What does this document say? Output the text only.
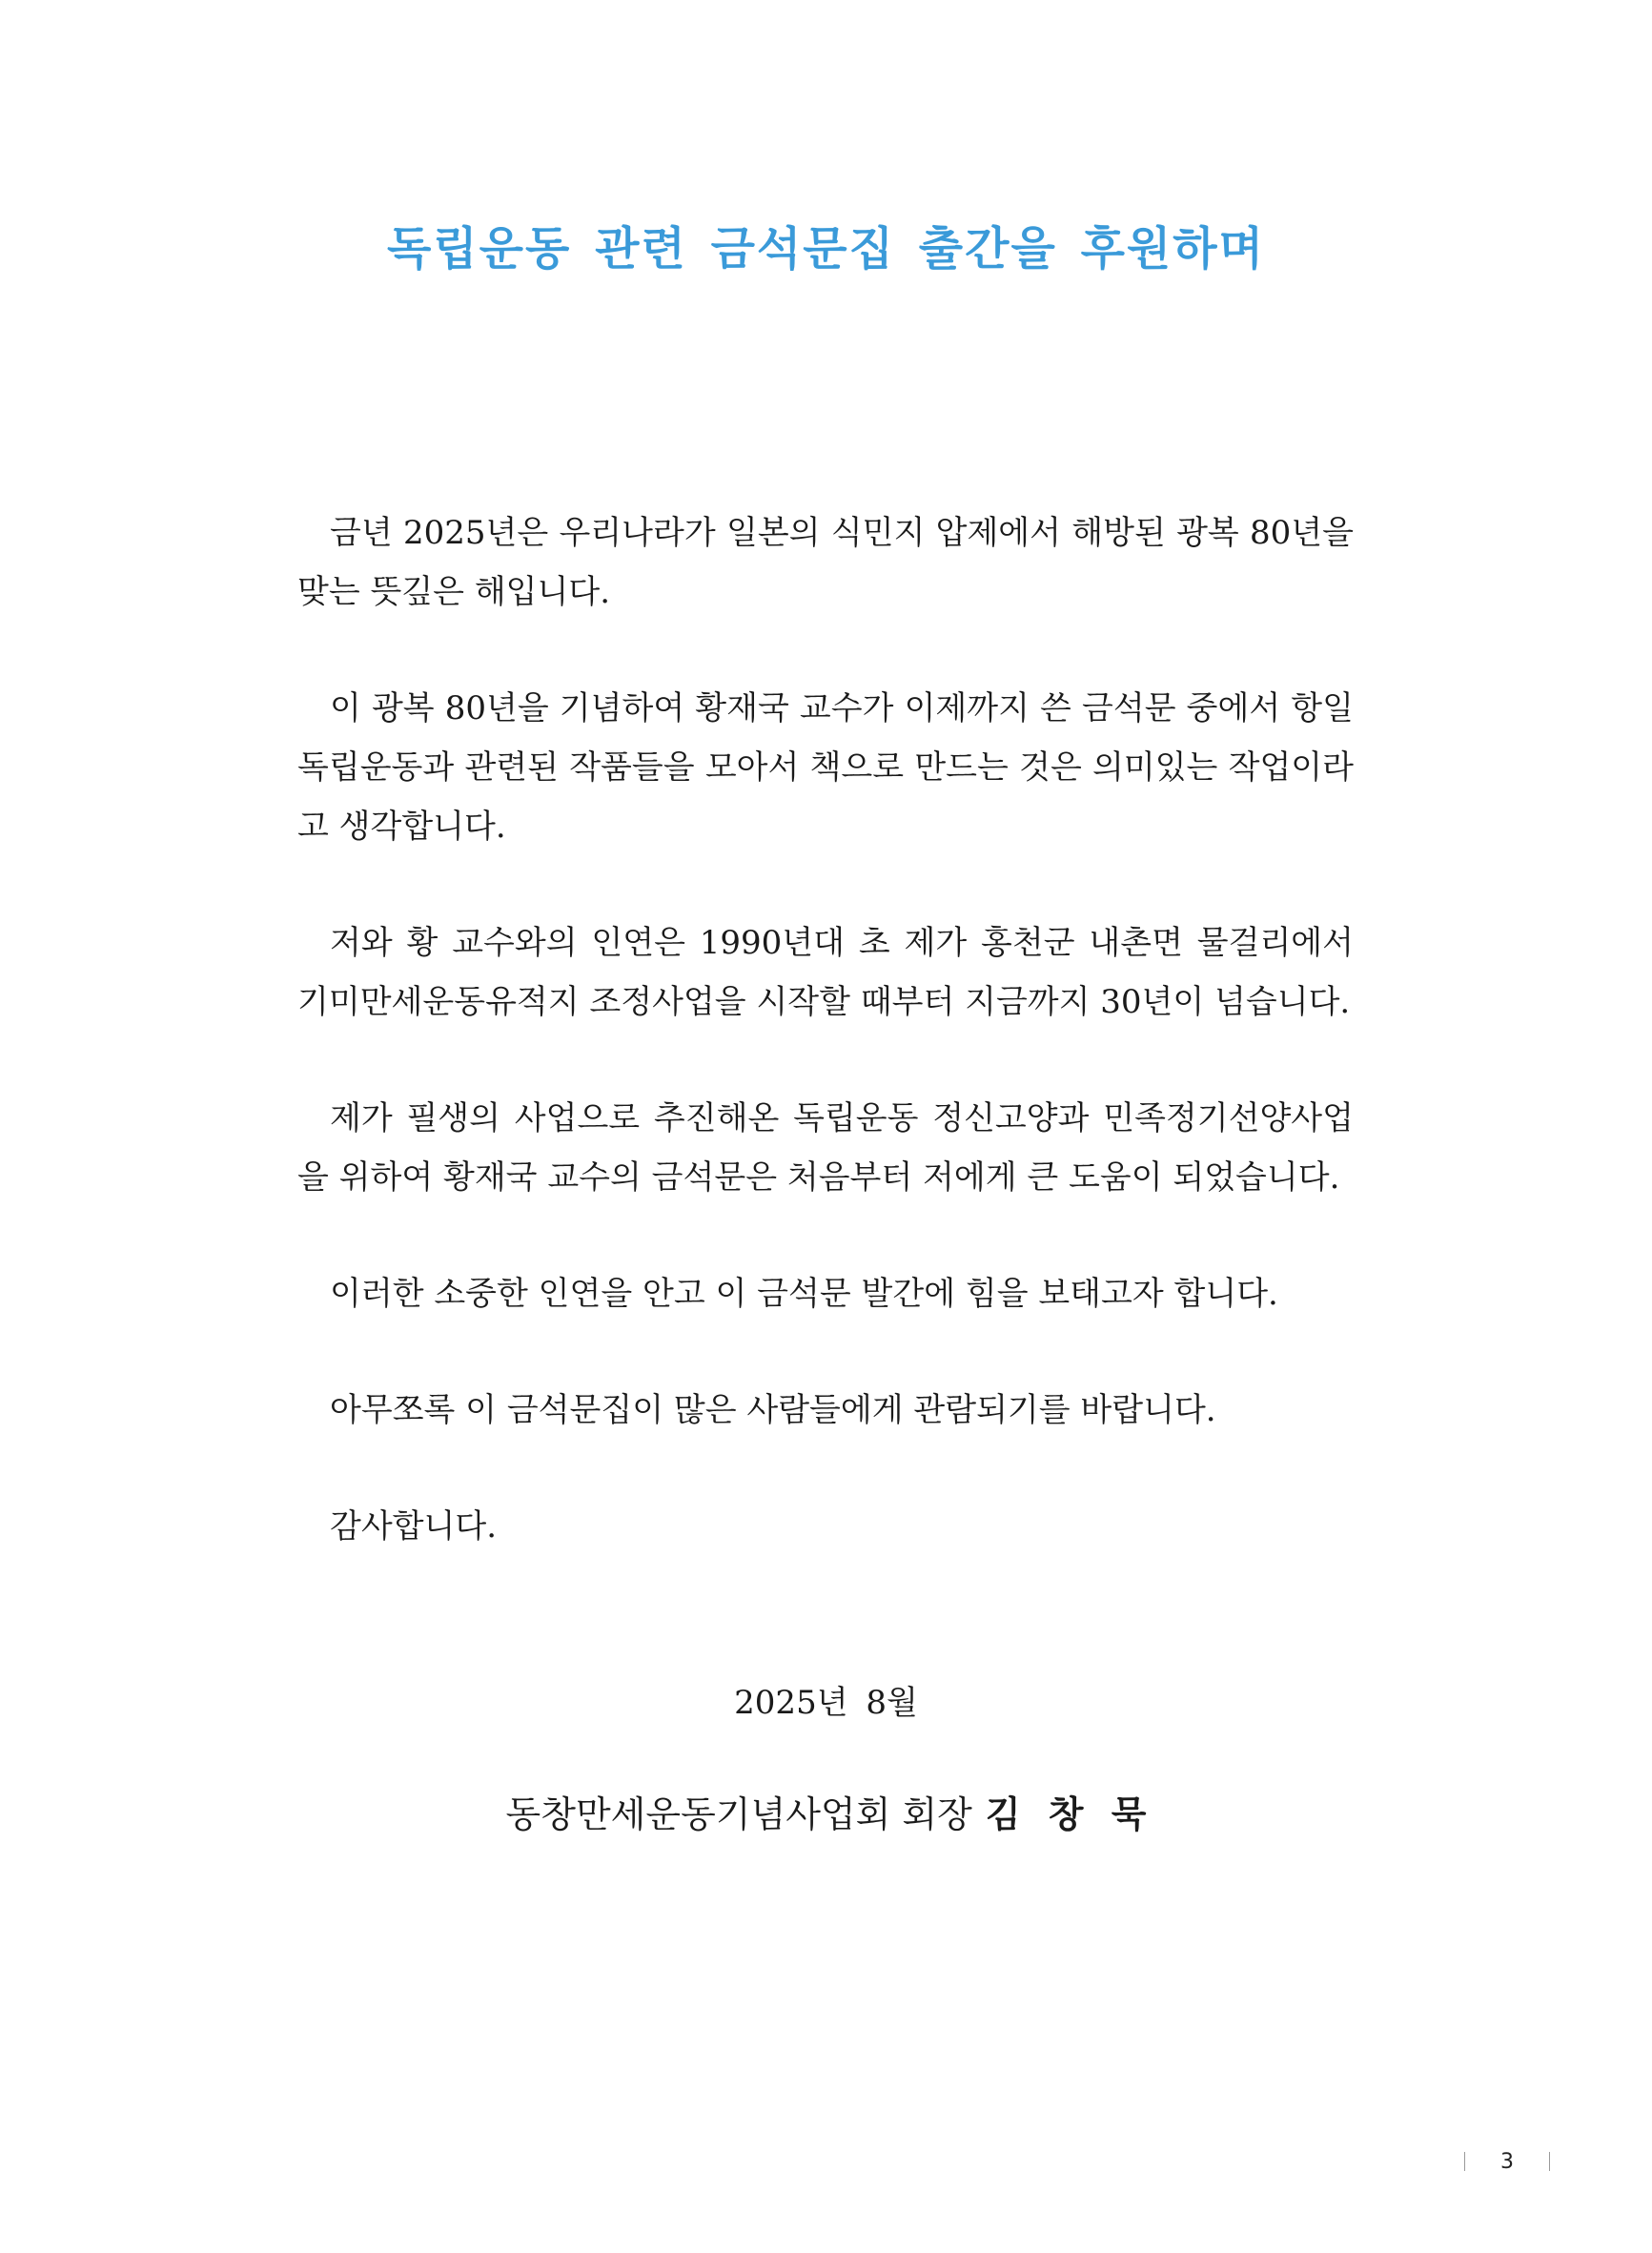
독립운동 관련 금석문집 출간을 후원하며

금년 2025년은 우리나라가 일본의 식민지 압제에서 해방된 광복 80년을 맞는 뜻깊은 해입니다.

이 광복 80년을 기념하여 황재국 교수가 이제까지 쓴 금석문 중에서 항일독립운동과 관련된 작품들을 모아서 책으로 만드는 것은 의미있는 작업이라고 생각합니다.

저와 황 교수와의 인연은 1990년대 초 제가 홍천군 내촌면 물걸리에서 기미만세운동유적지 조정사업을 시작할 때부터 지금까지 30년이 넘습니다.

제가 필생의 사업으로 추진해온 독립운동 정신고양과 민족정기선양사업을 위하여 황재국 교수의 금석문은 처음부터 저에게 큰 도움이 되었습니다.

이러한 소중한 인연을 안고 이 금석문 발간에 힘을 보태고자 합니다.

아무쪼록 이 금석문집이 많은 사람들에게 관람되기를 바랍니다.

감사합니다.

2025년 8월
동창만세운동기념사업회 회장 김 창 묵
3
